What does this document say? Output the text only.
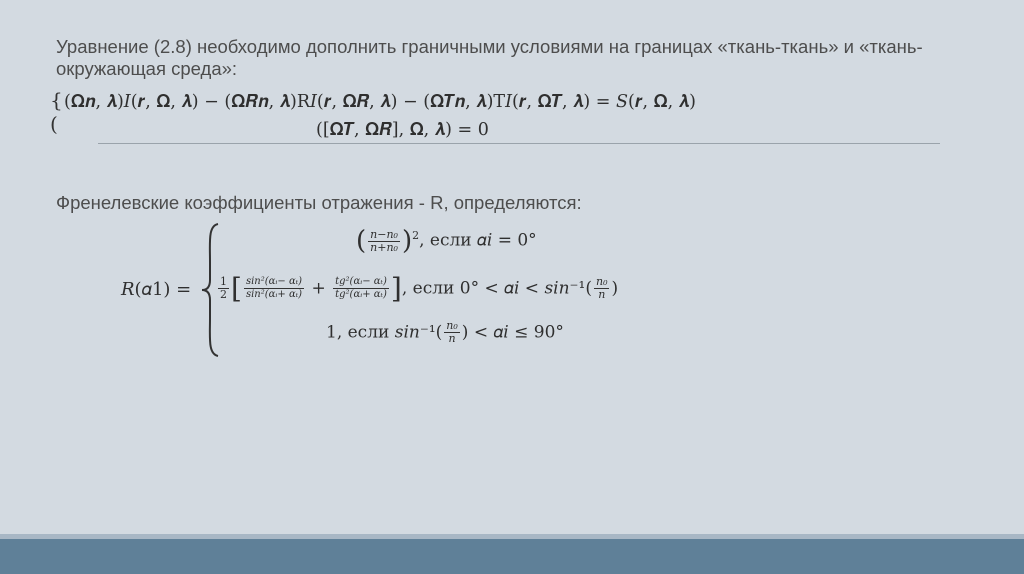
Уравнение (2.8) необходимо дополнить граничными условиями на границах «ткань-ткань» и «ткань-
окружающая среда»:
{
(
(𝛀𝒏, 𝝀)𝐼(𝒓, 𝛀, 𝝀) − (𝛀𝑹𝒏, 𝝀)R𝐼(𝒓, 𝛀𝑹, 𝝀) − (𝛀𝑻𝒏, 𝝀)T𝐼(𝒓, 𝛀𝑻, 𝝀) = 𝑆(𝒓, 𝛀, 𝝀)
([𝛀𝑻, 𝛀𝑹], 𝛀, 𝝀) = 0
Френелевские коэффициенты отражения - R, определяются:
𝑅(𝛼1) =
( $\frac{\text{n−n₀}}{\text{n+n₀}} )^2$, если 𝛼𝑖 = 0°
$\frac{1}{2}$ [ $\frac{\text{sin²(αᵢ− αₜ)}}{\text{sin²(αᵢ+ αₜ)}} + \frac{\text{tg²(αᵢ− αₜ)}}{\text{tg²(αᵢ+ αₜ)}}$ ], если 0° < 𝛼𝑖 < 𝑠𝑖𝑛⁻¹( $\frac{\text{n₀}}{n}$ )
1, если 𝑠𝑖𝑛⁻¹( $\frac{\text{n₀}}{n}$ ) < 𝛼𝑖 ≤ 90°
